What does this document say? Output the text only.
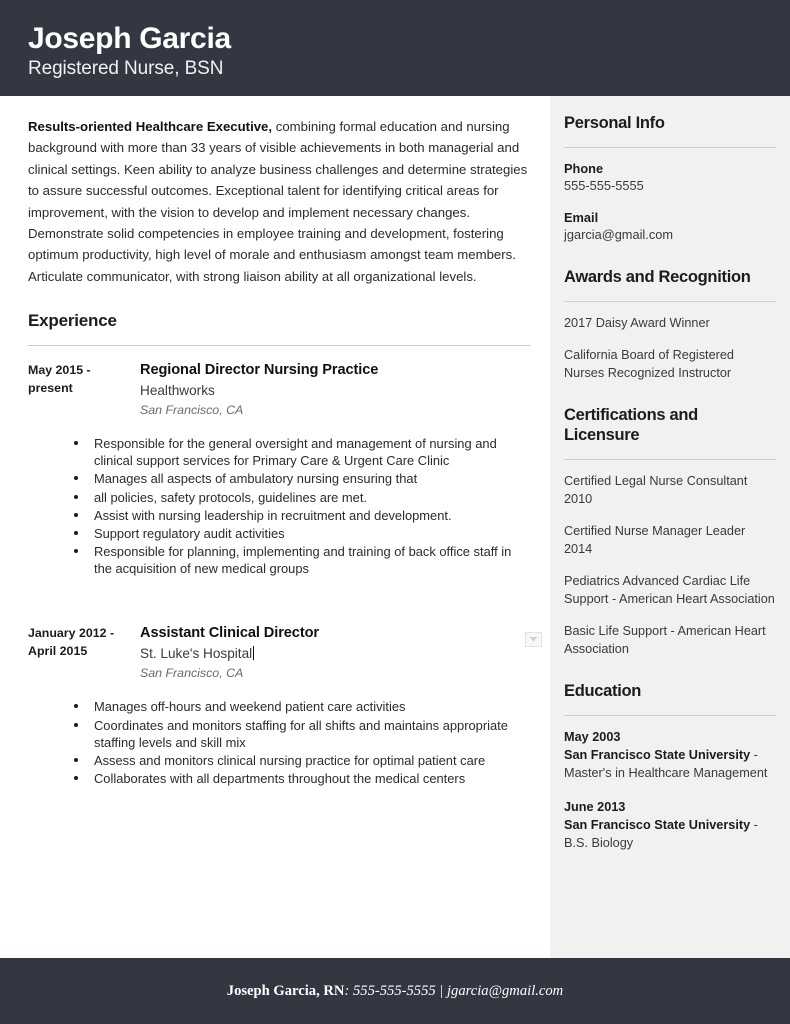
Joseph Garcia
Registered Nurse, BSN

Results-oriented Healthcare Executive, combining formal education and nursing background with more than 33 years of visible achievements in both managerial and clinical settings. Keen ability to analyze business challenges and determine strategies to assure successful outcomes. Exceptional talent for identifying critical areas for improvement, with the vision to develop and implement necessary changes. Demonstrate solid competencies in employee training and development, fostering optimum productivity, high level of morale and enthusiasm amongst team members. Articulate communicator, with strong liaison ability at all organizational levels.

Experience
May 2015 - present
Regional Director Nursing Practice
Healthworks
San Francisco, CA
Responsible for the general oversight and management of nursing and clinical support services for Primary Care & Urgent Care Clinic
Manages all aspects of ambulatory nursing ensuring that
all policies, safety protocols, guidelines are met.
Assist with nursing leadership in recruitment and development.
Support regulatory audit activities
Responsible for planning, implementing and training of back office staff in the acquisition of new medical groups
January 2012 - April 2015
Assistant Clinical Director
St. Luke's Hospital
San Francisco, CA
Manages off-hours and weekend patient care activities
Coordinates and monitors staffing for all shifts and maintains appropriate staffing levels and skill mix
Assess and monitors clinical nursing practice for optimal patient care
Collaborates with all departments throughout the medical centers
Personal Info
Phone
555-555-5555
Email
jgarcia@gmail.com
Awards and Recognition
2017 Daisy Award Winner
California Board of Registered Nurses Recognized Instructor
Certifications and Licensure
Certified Legal Nurse Consultant 2010
Certified Nurse Manager Leader 2014
Pediatrics Advanced Cardiac Life Support - American Heart Association
Basic Life Support - American Heart Association
Education
May 2003
San Francisco State University - Master's in Healthcare Management
June 2013
San Francisco State University - B.S. Biology
Joseph Garcia, RN: 555-555-5555 | jgarcia@gmail.com
